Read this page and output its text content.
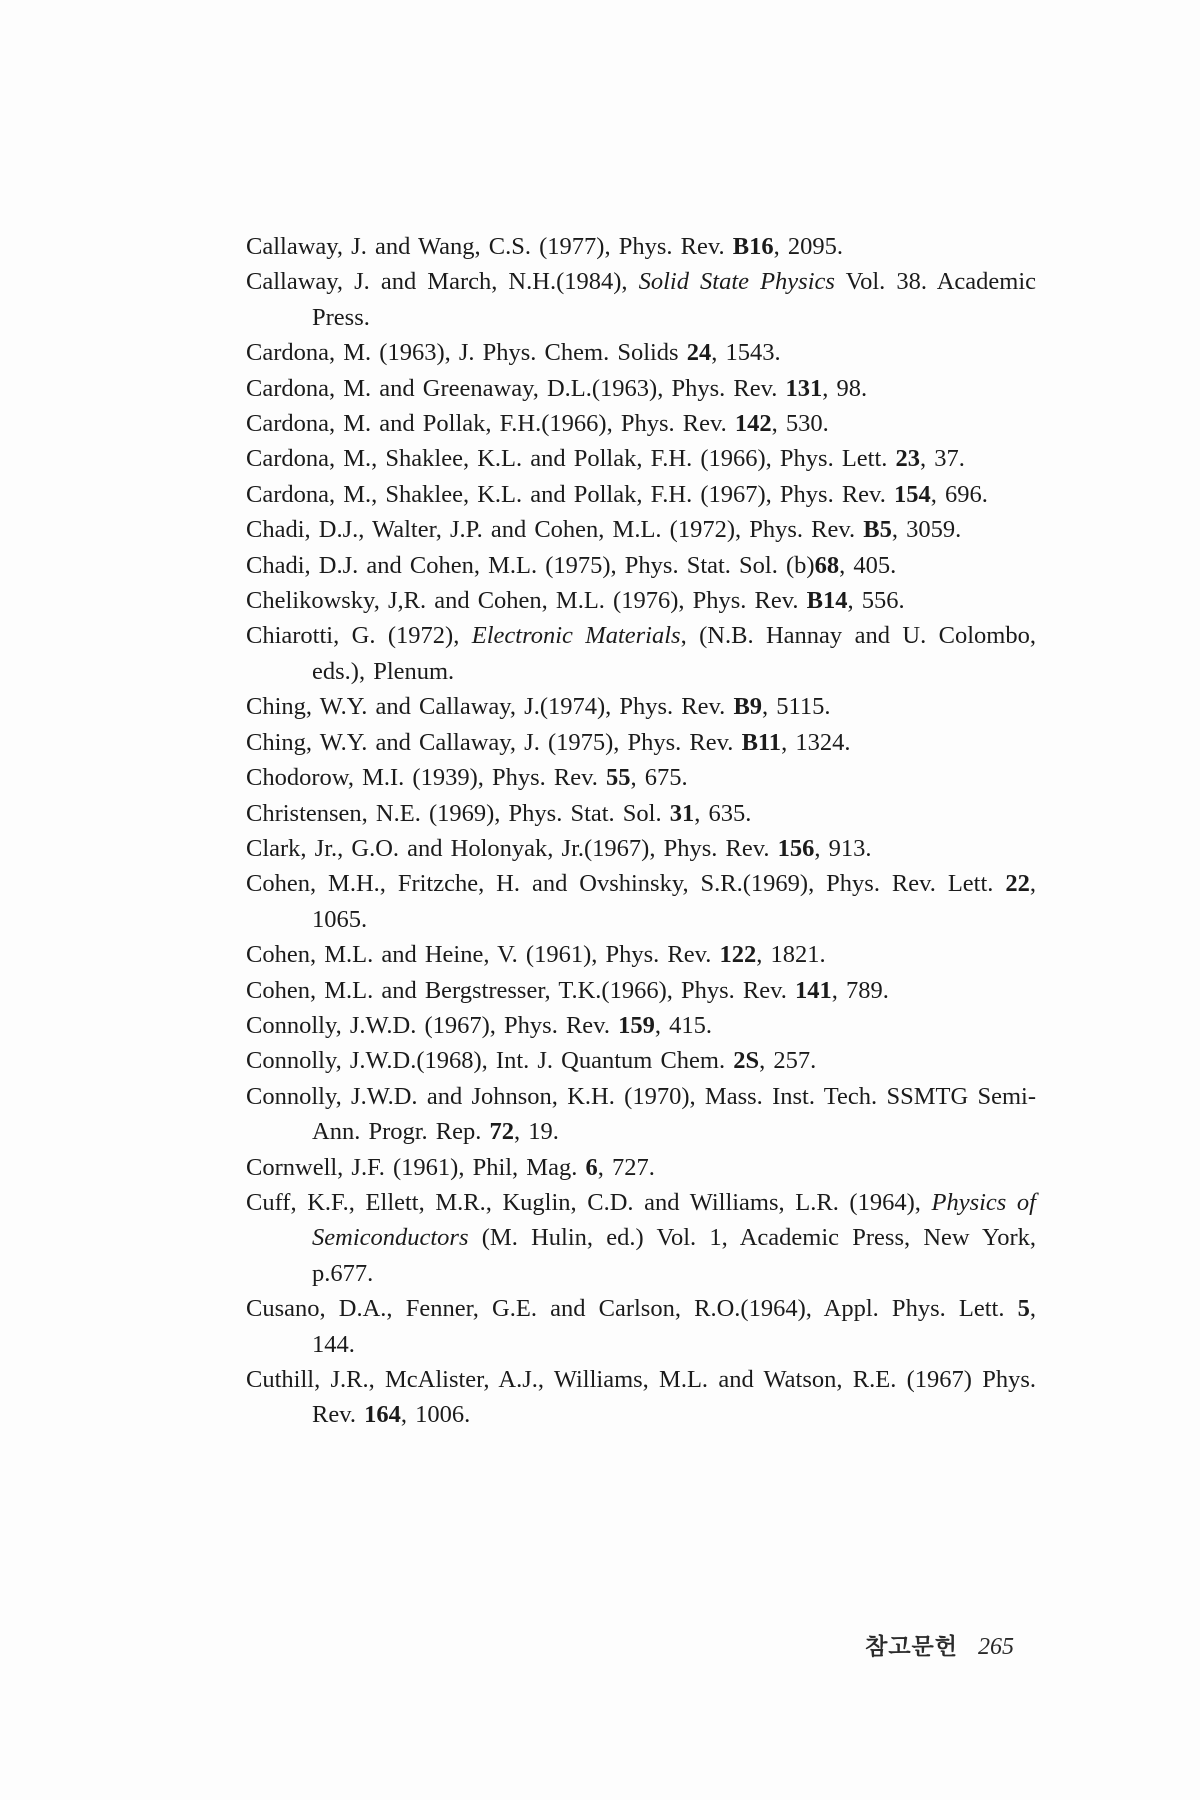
Callaway, J. and Wang, C.S. (1977), Phys. Rev. B16, 2095.
Callaway, J. and March, N.H.(1984), Solid State Physics Vol. 38. Academic Press.
Cardona, M. (1963), J. Phys. Chem. Solids 24, 1543.
Cardona, M. and Greenaway, D.L.(1963), Phys. Rev. 131, 98.
Cardona, M. and Pollak, F.H.(1966), Phys. Rev. 142, 530.
Cardona, M., Shaklee, K.L. and Pollak, F.H. (1966), Phys. Lett. 23, 37.
Cardona, M., Shaklee, K.L. and Pollak, F.H. (1967), Phys. Rev. 154, 696.
Chadi, D.J., Walter, J.P. and Cohen, M.L. (1972), Phys. Rev. B5, 3059.
Chadi, D.J. and Cohen, M.L. (1975), Phys. Stat. Sol. (b)68, 405.
Chelikowsky, J,R. and Cohen, M.L. (1976), Phys. Rev. B14, 556.
Chiarotti, G. (1972), Electronic Materials, (N.B. Hannay and U. Colombo, eds.), Plenum.
Ching, W.Y. and Callaway, J.(1974), Phys. Rev. B9, 5115.
Ching, W.Y. and Callaway, J. (1975), Phys. Rev. B11, 1324.
Chodorow, M.I. (1939), Phys. Rev. 55, 675.
Christensen, N.E. (1969), Phys. Stat. Sol. 31, 635.
Clark, Jr., G.O. and Holonyak, Jr.(1967), Phys. Rev. 156, 913.
Cohen, M.H., Fritzche, H. and Ovshinsky, S.R.(1969), Phys. Rev. Lett. 22, 1065.
Cohen, M.L. and Heine, V. (1961), Phys. Rev. 122, 1821.
Cohen, M.L. and Bergstresser, T.K.(1966), Phys. Rev. 141, 789.
Connolly, J.W.D. (1967), Phys. Rev. 159, 415.
Connolly, J.W.D.(1968), Int. J. Quantum Chem. 2S, 257.
Connolly, J.W.D. and Johnson, K.H. (1970), Mass. Inst. Tech. SSMTG Semi-Ann. Progr. Rep. 72, 19.
Cornwell, J.F. (1961), Phil, Mag. 6, 727.
Cuff, K.F., Ellett, M.R., Kuglin, C.D. and Williams, L.R. (1964), Physics of Semiconductors (M. Hulin, ed.) Vol. 1, Academic Press, New York, p.677.
Cusano, D.A., Fenner, G.E. and Carlson, R.O.(1964), Appl. Phys. Lett. 5, 144.
Cuthill, J.R., McAlister, A.J., Williams, M.L. and Watson, R.E. (1967) Phys. Rev. 164, 1006.
참고문헌 265
